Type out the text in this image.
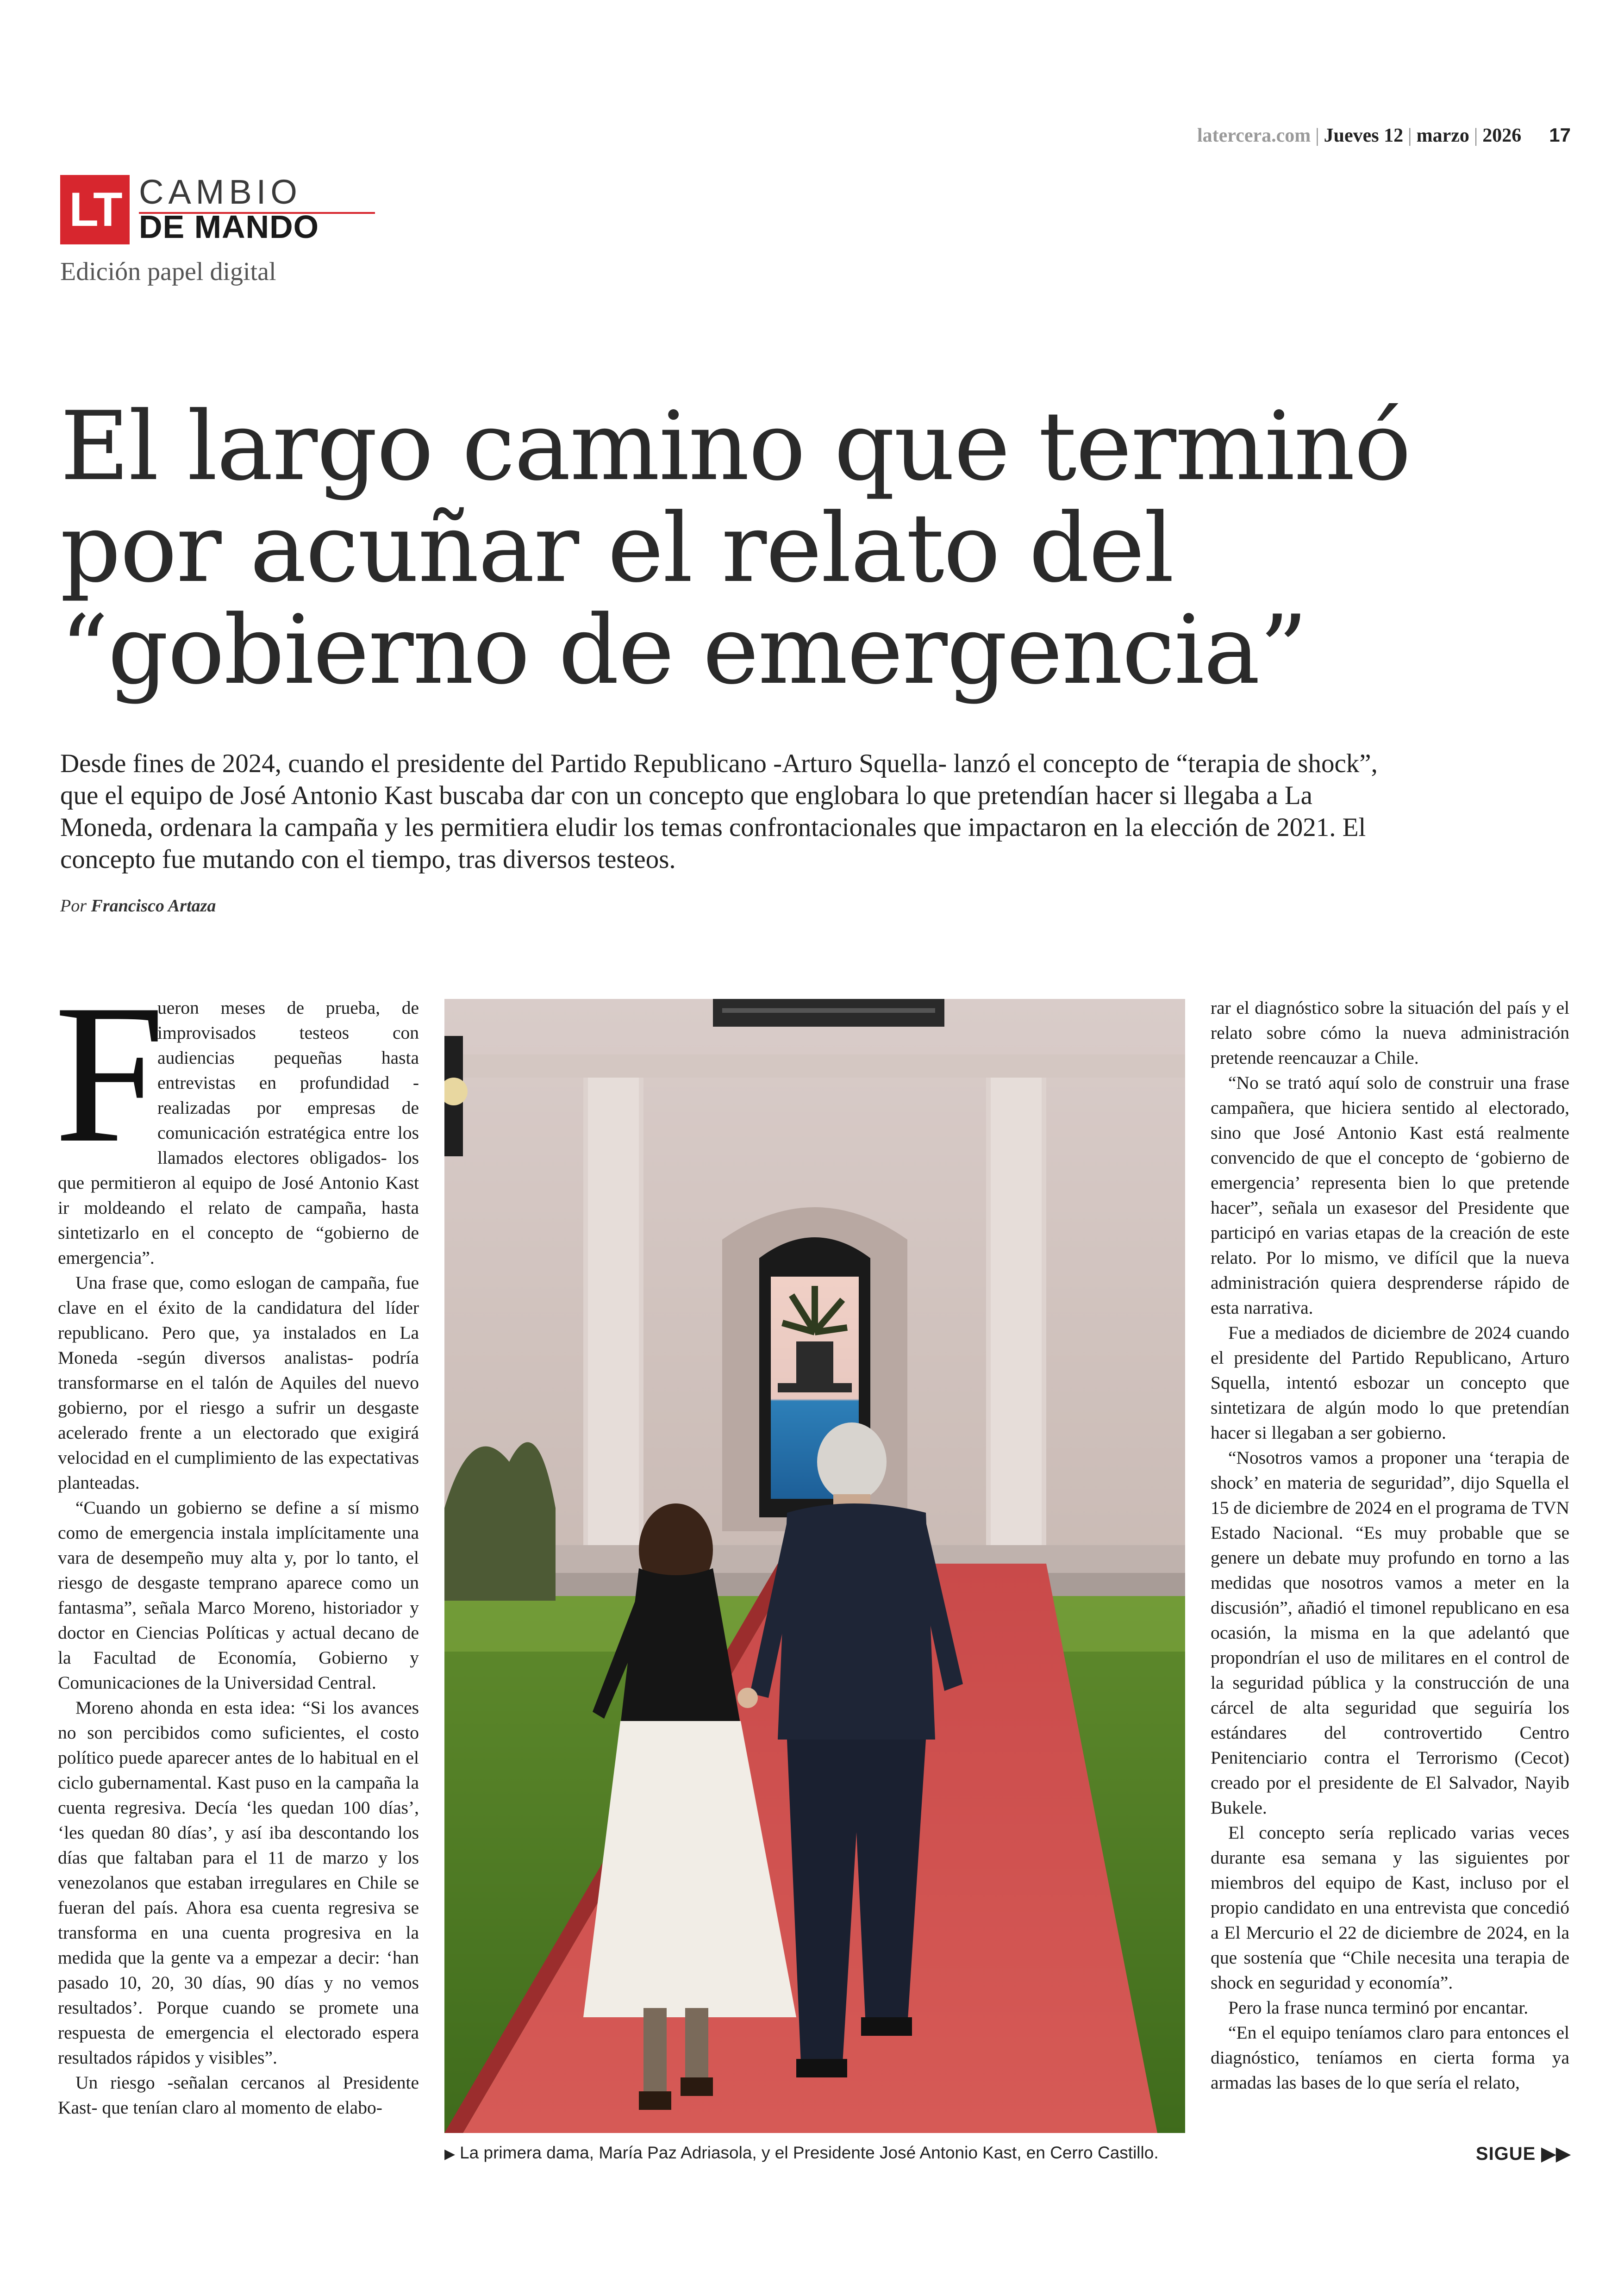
latercera.com | Jueves 12 | marzo | 2026 17
LT CAMBIO
DE MANDO
Edición papel digital
El largo camino que terminó
por acuñar el relato del
“gobierno de emergencia”
Desde fines de 2024, cuando el presidente del Partido Republicano -Arturo Squella- lanzó el concepto de “terapia de shock”, que el equipo de José Antonio Kast buscaba dar con un concepto que englobara lo que pretendían hacer si llegaba a La Moneda, ordenara la campaña y les permitiera eludir los temas confrontacionales que impactaron en la elección de 2021. El concepto fue mutando con el tiempo, tras diversos testeos.
Por Francisco Artaza

F
ueron meses de prueba, de improvisados testeos con audiencias pequeñas hasta entrevistas en profundidad -realizadas por empresas de comunicación estratégica entre los llamados electores obligados- los que permitieron al equipo de José Antonio Kast ir moldeando el relato de campaña, hasta sintetizarlo en el concepto de “gobierno de emergencia”.

Una frase que, como eslogan de campaña, fue clave en el éxito de la candidatura del líder republicano. Pero que, ya instalados en La Moneda -según diversos analistas- podría transformarse en el talón de Aquiles del nuevo gobierno, por el riesgo a sufrir un desgaste acelerado frente a un electorado que exigirá velocidad en el cumplimiento de las expectativas planteadas.

“Cuando un gobierno se define a sí mismo como de emergencia instala implícitamente una vara de desempeño muy alta y, por lo tanto, el riesgo de desgaste temprano aparece como un fantasma”, señala Marco Moreno, historiador y doctor en Ciencias Políticas y actual decano de la Facultad de Economía, Gobierno y Comunicaciones de la Universidad Central.

Moreno ahonda en esta idea: “Si los avances no son percibidos como suficientes, el costo político puede aparecer antes de lo habitual en el ciclo gubernamental. Kast puso en la campaña la cuenta regresiva. Decía ‘les quedan 100 días’, ‘les quedan 80 días’, y así iba descontando los días que faltaban para el 11 de marzo y los venezolanos que estaban irregulares en Chile se fueran del país. Ahora esa cuenta regresiva se transforma en una cuenta progresiva en la medida que la gente va a empezar a decir: ‘han pasado 10, 20, 30 días, 90 días y no vemos resultados’. Porque cuando se promete una respuesta de emergencia el electorado espera resultados rápidos y visibles”.

Un riesgo -señalan cercanos al Presidente Kast- que tenían claro al momento de elabo-

▶ La primera dama, María Paz Adriasola, y el Presidente José Antonio Kast, en Cerro Castillo.

rar el diagnóstico sobre la situación del país y el relato sobre cómo la nueva administración pretende reencauzar a Chile.

“No se trató aquí solo de construir una frase campañera, que hiciera sentido al electorado, sino que José Antonio Kast está realmente convencido de que el concepto de ‘gobierno de emergencia’ representa bien lo que pretende hacer”, señala un exasesor del Presidente que participó en varias etapas de la creación de este relato. Por lo mismo, ve difícil que la nueva administración quiera desprenderse rápido de esta narrativa.

Fue a mediados de diciembre de 2024 cuando el presidente del Partido Republicano, Arturo Squella, intentó esbozar un concepto que sintetizara de algún modo lo que pretendían hacer si llegaban a ser gobierno.

“Nosotros vamos a proponer una ‘terapia de shock’ en materia de seguridad”, dijo Squella el 15 de diciembre de 2024 en el programa de TVN Estado Nacional. “Es muy probable que se genere un debate muy profundo en torno a las medidas que nosotros vamos a meter en la discusión”, añadió el timonel republicano en esa ocasión, la misma en la que adelantó que propondrían el uso de militares en el control de la seguridad pública y la construcción de una cárcel de alta seguridad que seguiría los estándares del controvertido Centro Penitenciario contra el Terrorismo (Cecot) creado por el presidente de El Salvador, Nayib Bukele.

El concepto sería replicado varias veces durante esa semana y las siguientes por miembros del equipo de Kast, incluso por el propio candidato en una entrevista que concedió a El Mercurio el 22 de diciembre de 2024, en la que sostenía que “Chile necesita una terapia de shock en seguridad y economía”.

Pero la frase nunca terminó por encantar.

“En el equipo teníamos claro para entonces el diagnóstico, teníamos en cierta forma ya armadas las bases de lo que sería el relato,

SIGUE ▶▶
